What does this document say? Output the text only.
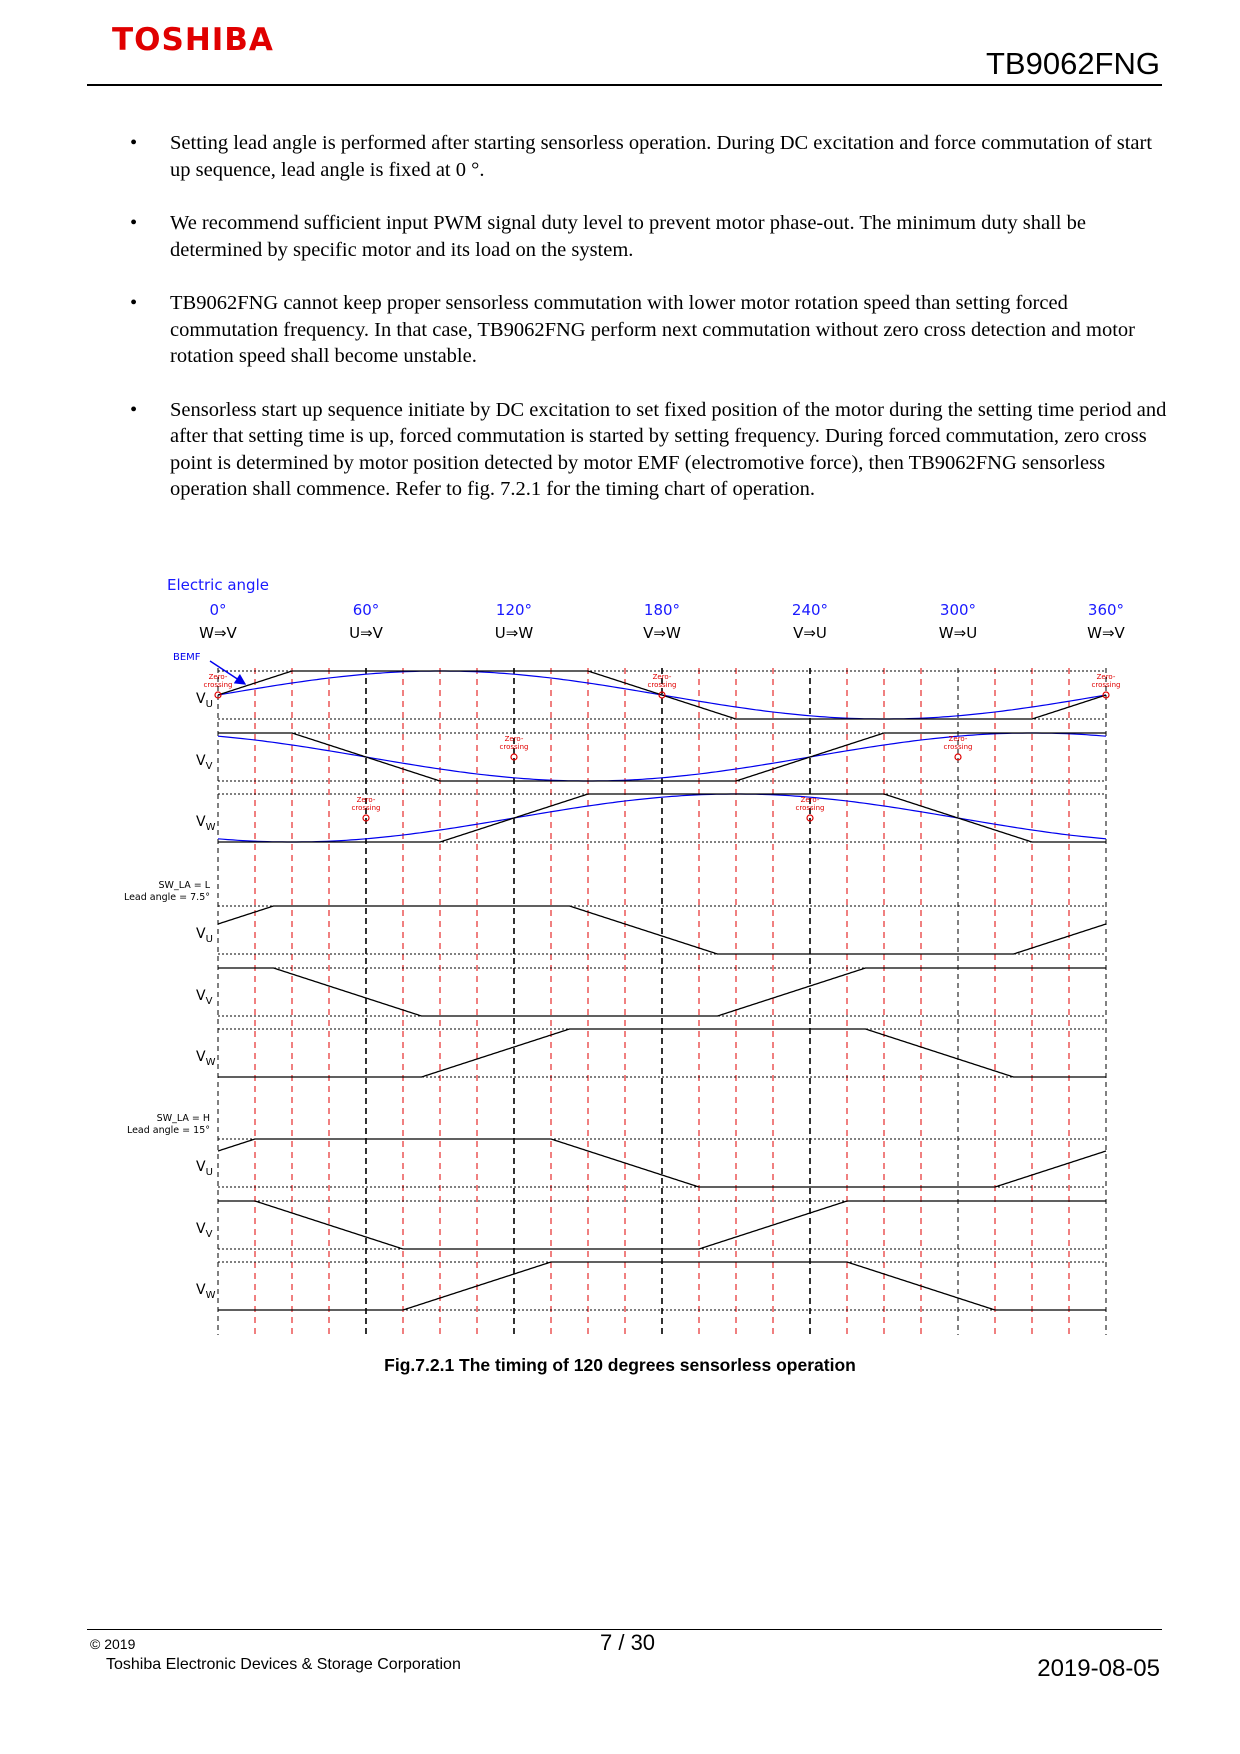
TOSHIBA
TB9062FNG
• Setting lead angle is performed after starting sensorless operation. During DC excitation and force commutation of start up sequence, lead angle is fixed at 0 °.
• We recommend sufficient input PWM signal duty level to prevent motor phase-out. The minimum duty shall be determined by specific motor and its load on the system.
• TB9062FNG cannot keep proper sensorless commutation with lower motor rotation speed than setting forced commutation frequency. In that case, TB9062FNG perform next commutation without zero cross detection and motor rotation speed shall become unstable.
• Sensorless start up sequence initiate by DC excitation to set fixed position of the motor during the setting time period and after that setting time is up, forced commutation is started by setting frequency. During forced commutation, zero cross point is determined by motor position detected by motor EMF (electromotive force), then TB9062FNG sensorless operation shall commence. Refer to fig. 7.2.1 for the timing chart of operation.
$V_U$
Zero-
crossing
Zero-
crossing
Zero-
crossing
$V_V$
Zero-
crossing
Zero-
crossing
$V_W$
Zero-
crossing
Zero-
crossing
$V_U$
$V_V$
$V_W$
$V_U$
$V_V$
$V_W$
Electric angle
0°	60°	120°	180°	240°	300°	360°
W⇒V	U⇒V	U⇒W	V⇒W	V⇒U	W⇒U	W⇒V
BEMF
SW_LA = L
Lead angle = 7.5°
SW_LA = H
Lead angle = 15°
Fig.7.2.1 The timing of 120 degrees sensorless operation
© 2019
Toshiba Electronic Devices & Storage Corporation
7 / 30
2019-08-05
